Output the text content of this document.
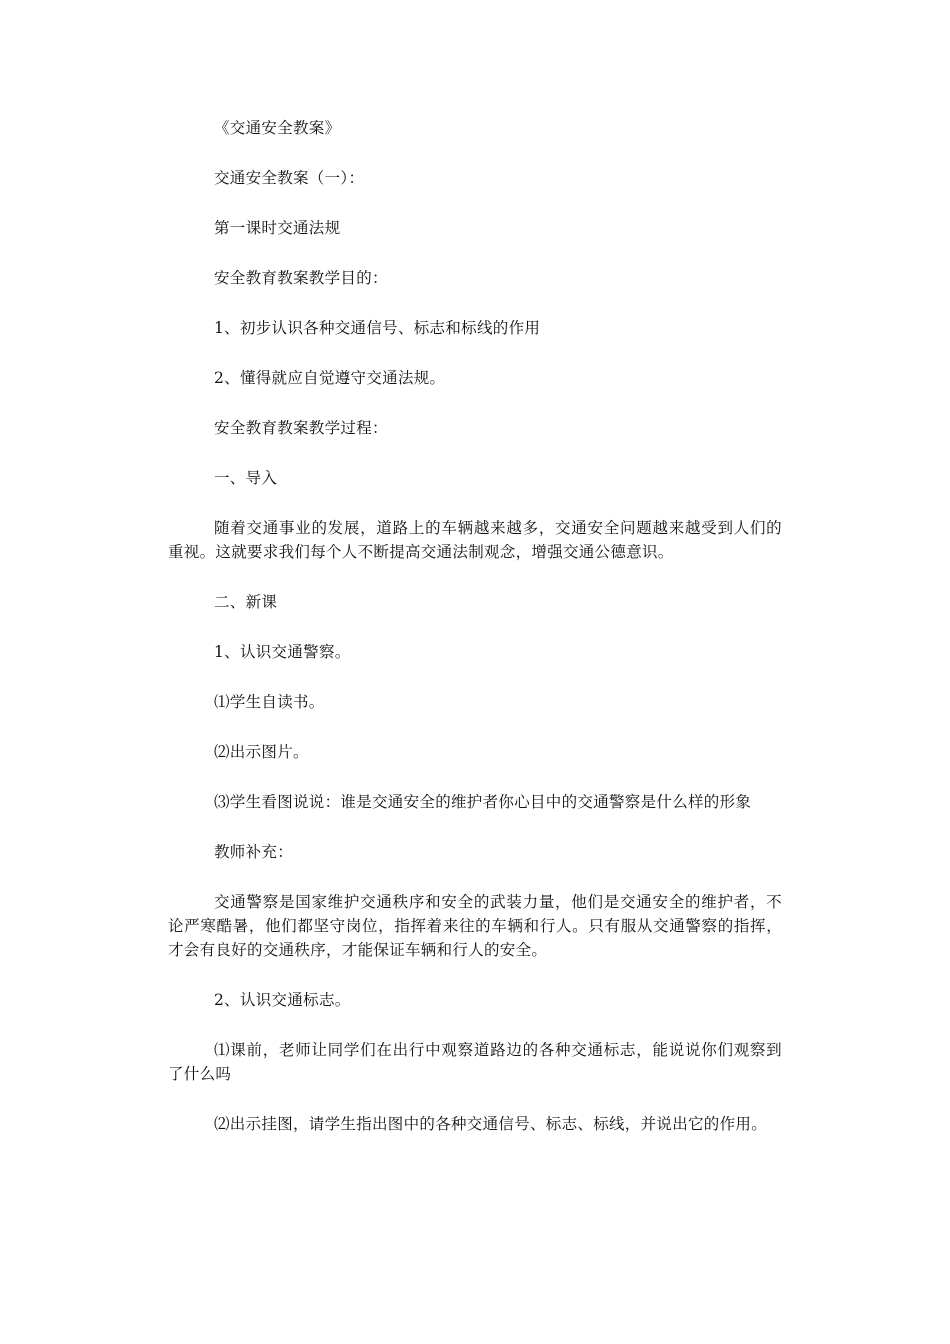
《交通安全教案》

交通安全教案（一）：

第一课时交通法规

安全教育教案教学目的：

1、初步认识各种交通信号、标志和标线的作用

2、懂得就应自觉遵守交通法规。

安全教育教案教学过程：

一、导入

随着交通事业的发展，道路上的车辆越来越多，交通安全问题越来越受到人们的重视。这就要求我们每个人不断提高交通法制观念，增强交通公德意识。

二、新课

1、认识交通警察。

⑴学生自读书。

⑵出示图片。

⑶学生看图说说：谁是交通安全的维护者你心目中的交通警察是什么样的形象

教师补充：

交通警察是国家维护交通秩序和安全的武装力量，他们是交通安全的维护者，不论严寒酷暑，他们都坚守岗位，指挥着来往的车辆和行人。只有服从交通警察的指挥，才会有良好的交通秩序，才能保证车辆和行人的安全。

2、认识交通标志。

⑴课前，老师让同学们在出行中观察道路边的各种交通标志，能说说你们观察到了什么吗

⑵出示挂图，请学生指出图中的各种交通信号、标志、标线，并说出它的作用。
